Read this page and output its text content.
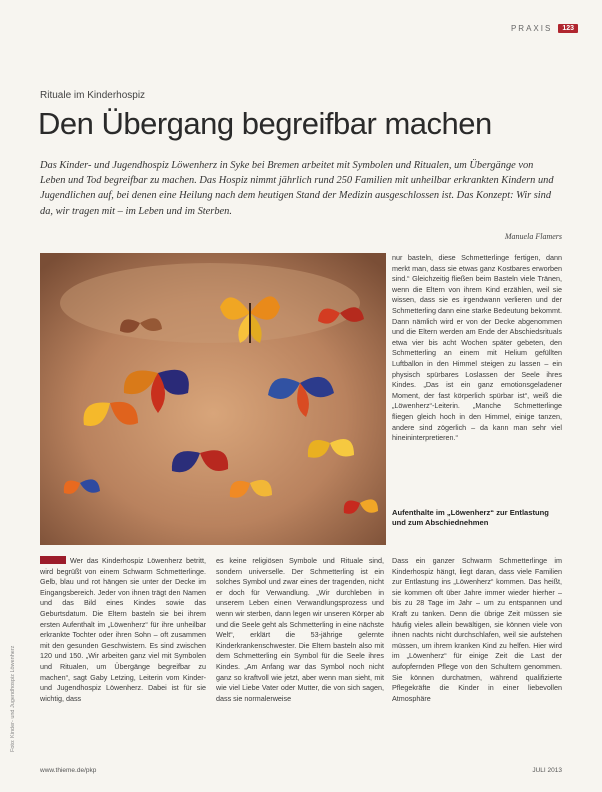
PRAXIS	123
Rituale im Kinderhospiz
Den Übergang begreifbar machen
Das Kinder- und Jugendhospiz Löwenherz in Syke bei Bremen arbeitet mit Symbolen und Ritualen, um Übergänge von Leben und Tod begreifbar zu machen. Das Hospiz nimmt jährlich rund 250 Familien mit unheilbar erkrankten Kindern und Jugendlichen auf, bei denen eine Heilung nach dem heutigen Stand der Medizin ausgeschlossen ist. Das Konzept: Wir sind da, wir tragen mit – im Leben und im Sterben.
Manuela Flamers

nur basteln, diese Schmetterlinge fertigen, dann merkt man, dass sie etwas ganz Kostbares erworben sind.“ Gleichzeitig fließen beim Basteln viele Tränen, wenn die Eltern von ihrem Kind erzählen, weil sie wissen, dass sie es irgendwann verlieren und der Schmetterling dann eine starke Bedeutung bekommt. Dann nämlich wird er von der Decke abgenommen und die Eltern werden am Ende der Abschiedsrituals etwa vier bis acht Wochen später gebeten, den Schmetterling an einem mit Helium gefüllten Luftballon in den Himmel steigen zu lassen – ein physisch spürbares Loslassen der Seele ihres Kindes. „Das ist ein ganz emotionsgeladener Moment, der fast körperlich spürbar ist“, weiß die „Löwenherz“-Leiterin. „Manche Schmetterlinge fliegen gleich hoch in den Himmel, einige tanzen, andere sind zögerlich – da kann man sehr viel hineininterpretieren.“

Aufenthalte im „Löwenherz“ zur Entlastung und zum Abschiednehmen

Wer das Kinderhospiz Löwenherz betritt, wird begrüßt von einem Schwarm Schmetterlinge. Gelb, blau und rot hängen sie unter der Decke im Eingangsbereich. Jeder von ihnen trägt den Namen und das Bild eines Kindes sowie das Geburtsdatum. Die Eltern basteln sie bei ihrem ersten Aufenthalt im „Löwenherz“ für ihre unheilbar erkrankte Tochter oder ihren Sohn – oft zusammen mit den gesunden Geschwistern. Es sind zwischen 120 und 150. „Wir arbeiten ganz viel mit Symbolen und Ritualen, um Übergänge begreifbar zu machen“, sagt Gaby Letzing, Leiterin vom Kinder- und Jugendhospiz Löwenherz. Dabei ist für sie wichtig, dass

es keine religiösen Symbole und Rituale sind, sondern universelle. Der Schmetterling ist ein solches Symbol und zwar eines der tragenden, nicht er doch für Verwandlung. „Wir durchleben in unserem Leben einen Verwandlungsprozess und wenn wir sterben, dann legen wir unseren Körper ab und die Seele geht als Schmetterling in eine nächste Welt“, erklärt die 53-jährige gelernte Kinderkrankenschwester. Die Eltern basteln also mit dem Schmetterling ein Symbol für die Seele ihres Kindes. „Am Anfang war das Symbol noch nicht ganz so kraftvoll wie jetzt, aber wenn man sieht, mit wie viel Liebe Vater oder Mutter, die von sich sagen, dass sie normalerweise

Dass ein ganzer Schwarm Schmetterlinge im Kinderhospiz hängt, liegt daran, dass viele Familien zur Entlastung ins „Löwenherz“ kommen. Das heißt, sie kommen oft über Jahre immer wieder hierher – bis zu 28 Tage im Jahr – um zu entspannen und Kraft zu tanken. Denn die übrige Zeit müssen sie häufig vieles allein bewältigen, sie können viele von ihnen nachts nicht durchschlafen, weil sie aufstehen müssen, um ihrem kranken Kind zu helfen. Hier wird im „Löwenherz“ für einige Zeit die Last der aufopfernden Pflege von den Schultern genommen. Sie können durchatmen, während qualifizierte Pflegekräfte die Kinder in einer liebevollen Atmosphäre

Foto: Kinder- und Jugendhospiz Löwenherz
www.thieme.de/pkp	JULI 2013
